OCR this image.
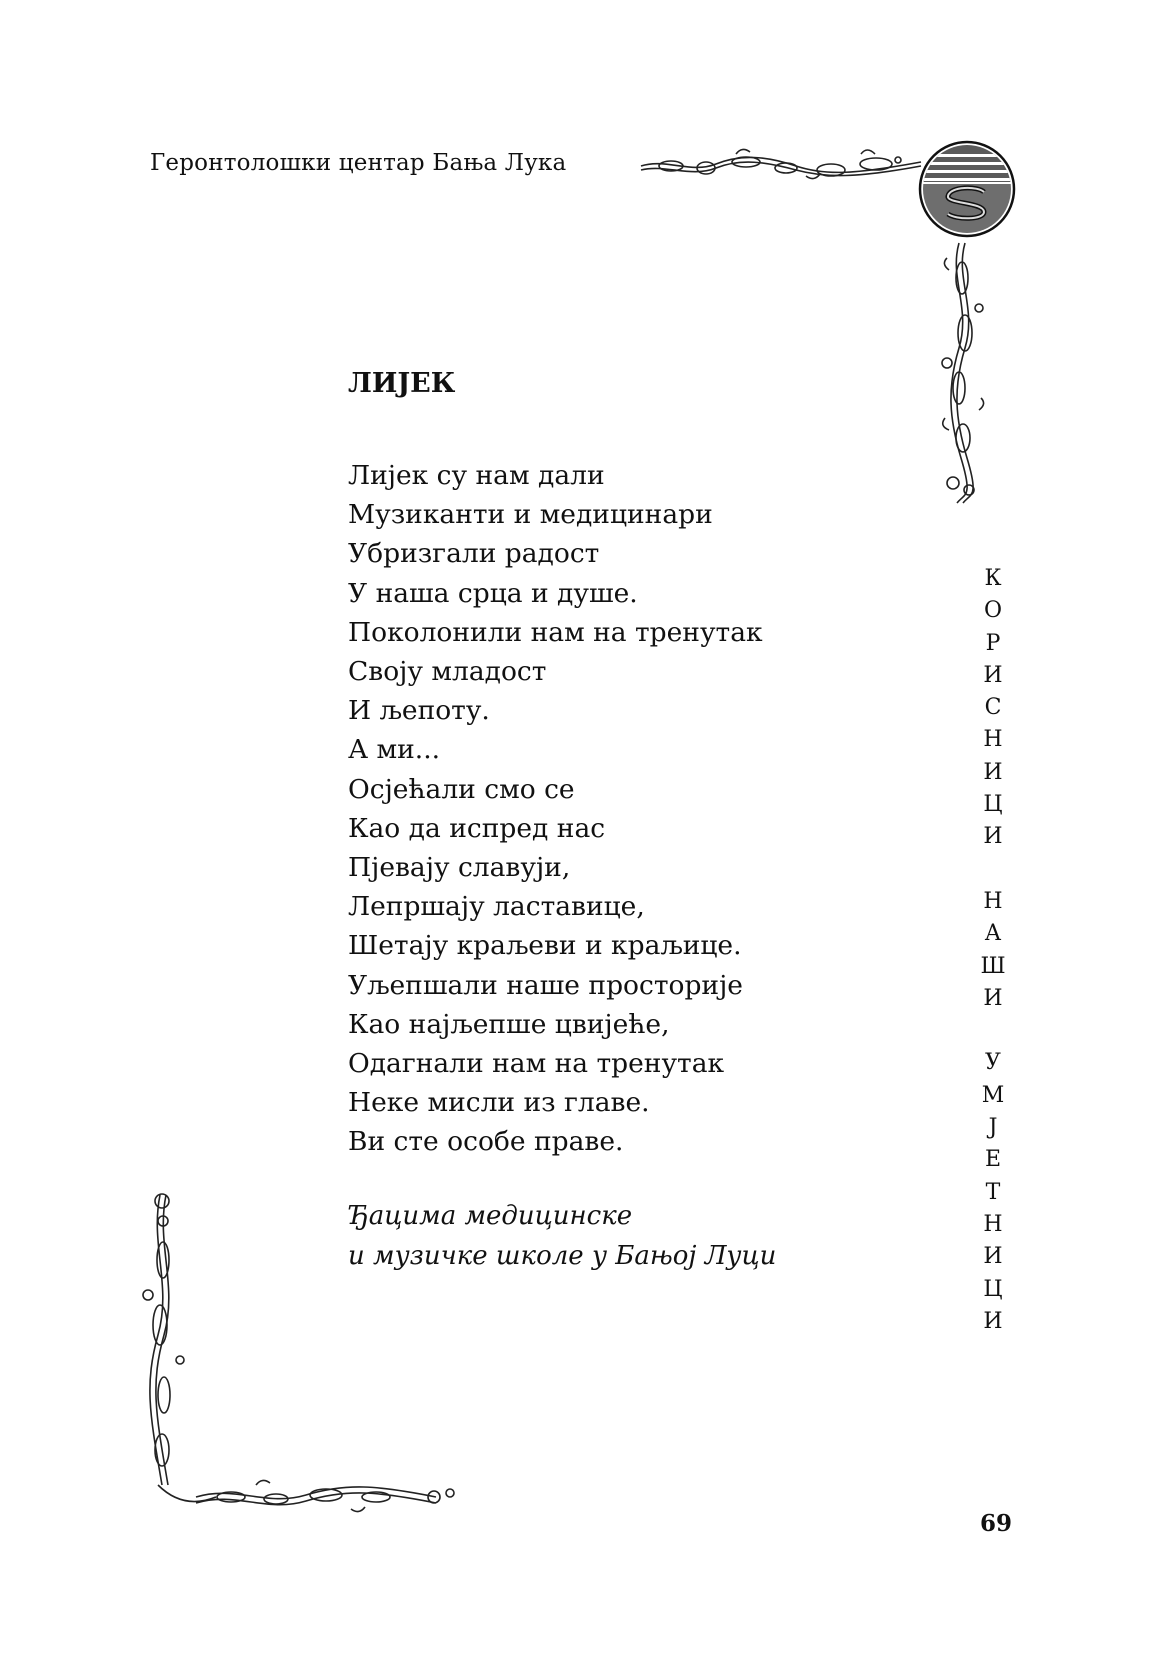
Геронтолошки центар Бања Лука
ЛИЈЕК
Лијек су нам дали
Музиканти и медицинари
Убризгали радост
У наша срца и душе.
Поколонили нам на тренутак
Своју младост
И љепоту.
А ми...
Осјећали смо се
Као да испред нас
Пјевају славуји,
Лепршају ластавице,
Шетају краљеви и краљице.
Уљепшали наше просторије
Као најљепше цвијеће,
Одагнали нам на тренутак
Неке мисли из главе.
Ви сте особе праве.
Ђацима медицинске
и музичке школе у Бањој Луци
К
О
Р
И
С
Н
И
Ц
И
Н
А
Ш
И
У
М
Ј
Е
Т
Н
И
Ц
И
69
